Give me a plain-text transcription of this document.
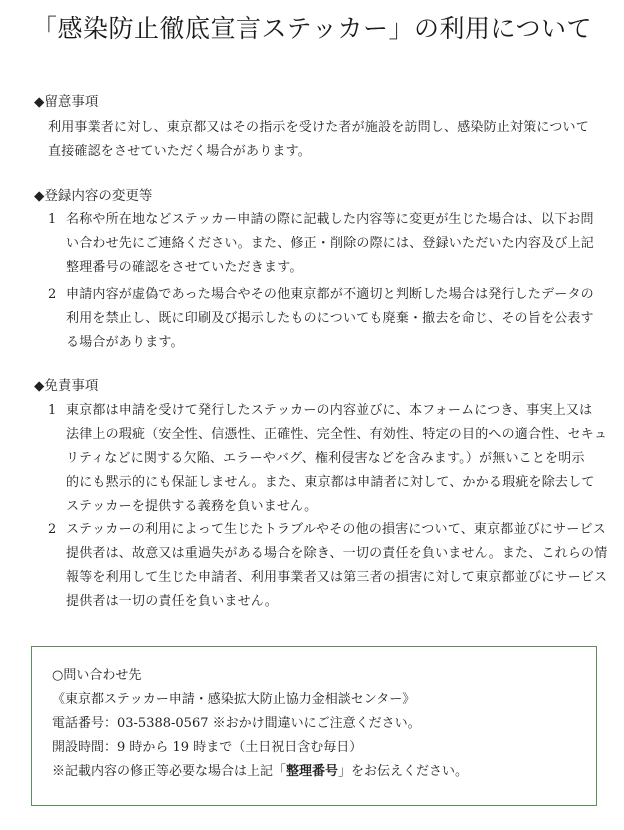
「感染防止徹底宣言ステッカー」の利用について
◆留意事項
利用事業者に対し、東京都又はその指示を受けた者が施設を訪問し、感染防止対策について
直接確認をさせていただく場合があります。
◆登録内容の変更等
1 名称や所在地などステッカー申請の際に記載した内容等に変更が生じた場合は、以下お問
い合わせ先にご連絡ください。また、修正・削除の際には、登録いただいた内容及び上記
整理番号の確認をさせていただきます。
2 申請内容が虚偽であった場合やその他東京都が不適切と判断した場合は発行したデータの
利用を禁止し、既に印刷及び掲示したものについても廃棄・撤去を命じ、その旨を公表す
る場合があります。
◆免責事項
1 東京都は申請を受けて発行したステッカーの内容並びに、本フォームにつき、事実上又は
法律上の瑕疵（安全性、信憑性、正確性、完全性、有効性、特定の目的への適合性、セキュ
リティなどに関する欠陥、エラーやバグ、権利侵害などを含みます。）が無いことを明示
的にも黙示的にも保証しません。また、東京都は申請者に対して、かかる瑕疵を除去して
ステッカーを提供する義務を負いません。
2 ステッカーの利用によって生じたトラブルやその他の損害について、東京都並びにサービス
提供者は、故意又は重過失がある場合を除き、一切の責任を負いません。また、これらの情
報等を利用して生じた申請者、利用事業者又は第三者の損害に対して東京都並びにサービス
提供者は一切の責任を負いません。
○問い合わせ先
《東京都ステッカー申請・感染拡大防止協力金相談センター》
電話番号：03-5388-0567 ※おかけ間違いにご注意ください。
開設時間：9 時から 19 時まで（土日祝日含む毎日）
※記載内容の修正等必要な場合は上記「整理番号」をお伝えください。
